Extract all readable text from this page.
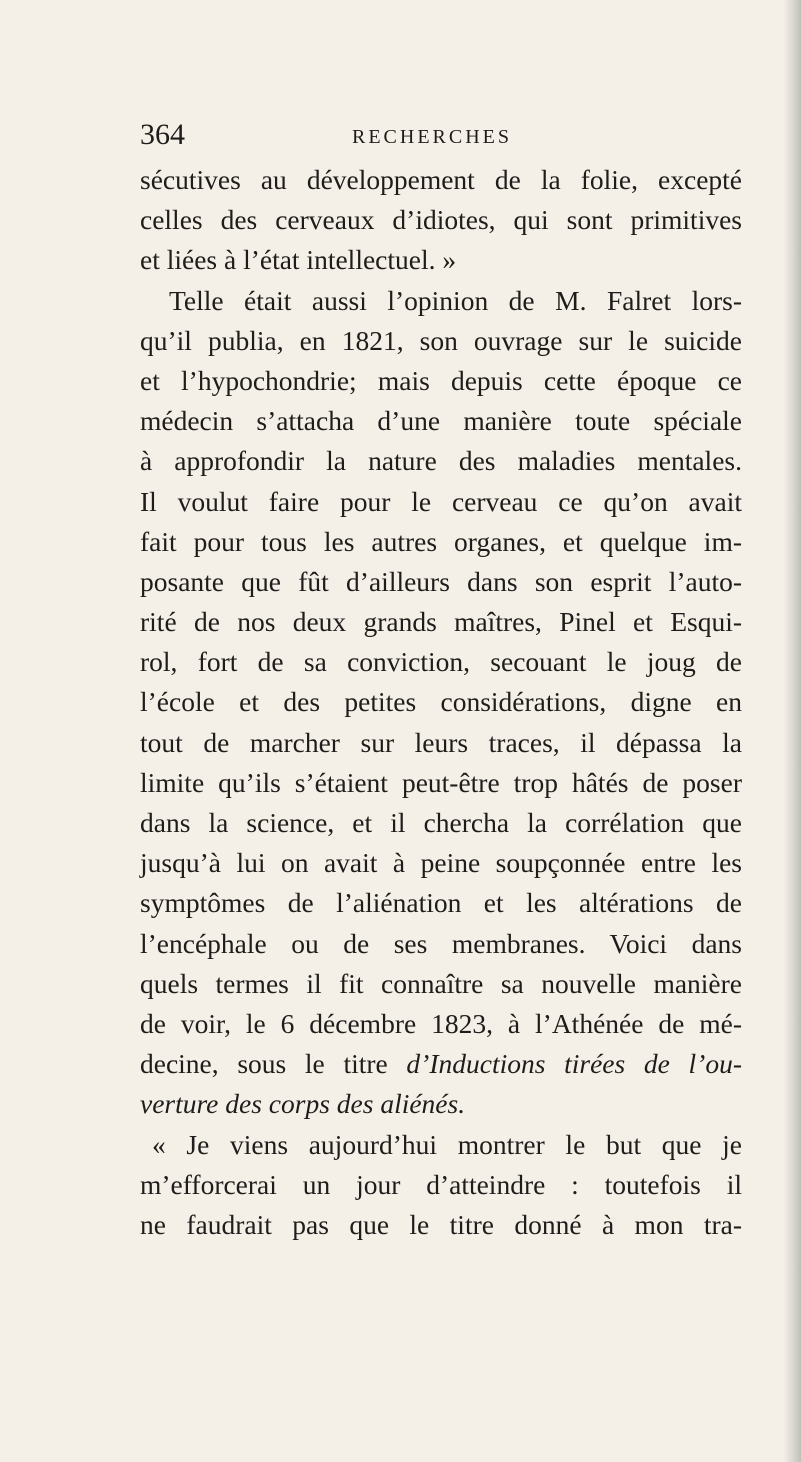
364	RECHERCHES
sécutives au développement de la folie, excepté
celles des cerveaux d’idiotes, qui sont primitives
et liées à l’état intellectuel. »
Telle était aussi l’opinion de M. Falret lors-
qu’il publia, en 1821, son ouvrage sur le suicide
et l’hypochondrie; mais depuis cette époque ce
médecin s’attacha d’une manière toute spéciale
à approfondir la nature des maladies mentales.
Il voulut faire pour le cerveau ce qu’on avait
fait pour tous les autres organes, et quelque im-
posante que fût d’ailleurs dans son esprit l’auto-
rité de nos deux grands maîtres, Pinel et Esqui-
rol, fort de sa conviction, secouant le joug de
l’école et des petites considérations, digne en
tout de marcher sur leurs traces, il dépassa la
limite qu’ils s’étaient peut-être trop hâtés de poser
dans la science, et il chercha la corrélation que
jusqu’à lui on avait à peine soupçonnée entre les
symptômes de l’aliénation et les altérations de
l’encéphale ou de ses membranes. Voici dans
quels termes il fit connaître sa nouvelle manière
de voir, le 6 décembre 1823, à l’Athénée de mé-
decine, sous le titre d’Inductions tirées de l’ou-
verture des corps des aliénés.
« Je viens aujourd’hui montrer le but que je
m’efforcerai un jour d’atteindre : toutefois il
ne faudrait pas que le titre donné à mon tra-
